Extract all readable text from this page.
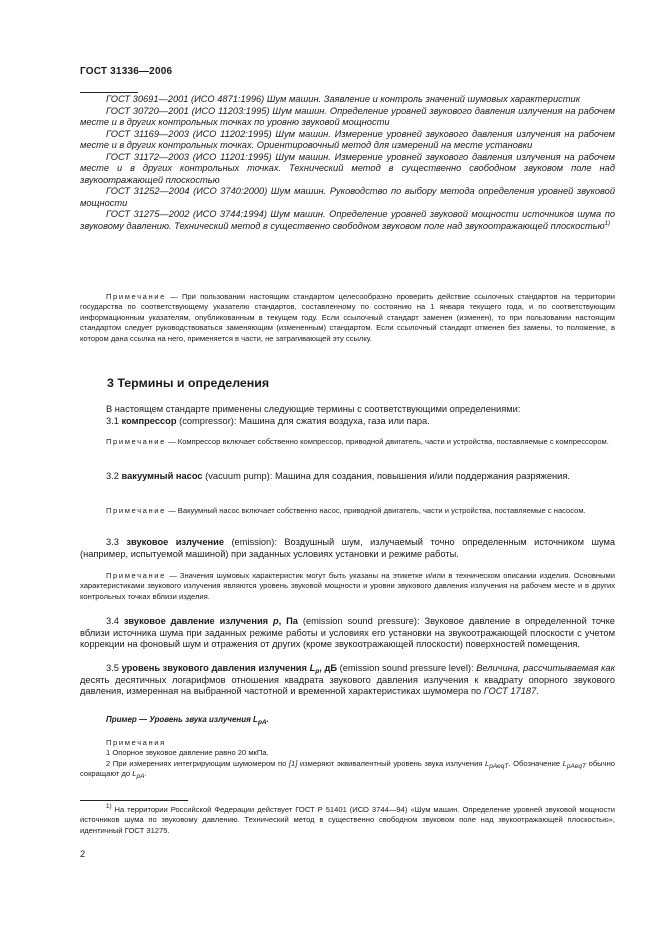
ГОСТ 31336—2006

ГОСТ 30691—2001 (ИСО 4871:1996) Шум машин. Заявление и контроль значений шумовых характеристик

ГОСТ 30720—2001 (ИСО 11203:1995) Шум машин. Определение уровней звукового давления излучения на рабочем месте и в других контрольных точках по уровню звуковой мощности

ГОСТ 31169—2003 (ИСО 11202:1995) Шум машин. Измерение уровней звукового давления излучения на рабочем месте и в других контрольных точках. Ориентировочный метод для измерений на месте установки

ГОСТ 31172—2003 (ИСО 11201:1995) Шум машин. Измерение уровней звукового давления излучения на рабочем месте и в других контрольных точках. Технический метод в существенно свободном звуковом поле над звукоотражающей плоскостью

ГОСТ 31252—2004 (ИСО 3740:2000) Шум машин. Руководство по выбору метода определения уровней звуковой мощности

ГОСТ 31275—2002 (ИСО 3744:1994) Шум машин. Определение уровней звуковой мощности источников шума по звуковому давлению. Технический метод в существенно свободном звуковом поле над звукоотражающей плоскостью$^{1)}$

Примечание — При пользовании настоящим стандартом целесообразно проверить действие ссылочных стандартов на территории государства по соответствующему указателю стандартов, составленному по состоянию на 1 января текущего года, и по соответствующим информационным указателям, опубликованным в текущем году. Если ссылочный стандарт заменен (изменен), то при пользовании настоящим стандартом следует руководствоваться заменяющим (измененным) стандартом. Если ссылочный стандарт отменен без замены, то положение, в котором дана ссылка на него, применяется в части, не затрагивающей эту ссылку.

3 Термины и определения

В настоящем стандарте применены следующие термины с соответствующими определениями:

3.1 компрессор (compressor): Машина для сжатия воздуха, газа или пара.

Примечание — Компрессор включает собственно компрессор, приводной двигатель, части и устройства, поставляемые с компрессором.

3.2 вакуумный насос (vacuum pump): Машина для создания, повышения и/или поддержания разряжения.

Примечание — Вакуумный насос включает собственно насос, приводной двигатель, части и устройства, поставляемые с насосом.

3.3 звуковое излучение (emission): Воздушный шум, излучаемый точно определенным источником шума (например, испытуемой машиной) при заданных условиях установки и режиме работы.

Примечание — Значения шумовых характеристик могут быть указаны на этикетке и/или в техническом описании изделия. Основными характеристиками звукового излучения являются уровень звуковой мощности и уровни звукового давления излучения на рабочем месте и в других контрольных точках вблизи изделия.

3.4 звуковое давление излучения p, Па (emission sound pressure): Звуковое давление в определенной точке вблизи источника шума при заданных режиме работы и условиях его установки на звукоотражающей плоскости с учетом коррекции на фоновый шум и отражения от других (кроме звукоотражающей плоскости) поверхностей помещения.

3.5 уровень звукового давления излучения $L_p$, дБ (emission sound pressure level): Величина, рассчитываемая как десять десятичных логарифмов отношения квадрата звукового давления излучения к квадрату опорного звукового давления, измеренная на выбранной частотной и временной характеристиках шумомера по ГОСТ 17187.

Пример — Уровень звука излучения $L_{pA}$.

Примечания

1 Опорное звуковое давление равно 20 мкПа.

2 При измерениях интегрирующим шумомером по [1] измеряют эквивалентный уровень звука излучения $L_{pAeqT}$. Обозначение $L_{pAeqT}$ обычно сокращают до $L_{pA}$.

$^{1)}$ На территории Российской Федерации действует ГОСТ Р 51401 (ИСО 3744—94) «Шум машин. Определение уровней звуковой мощности источников шума по звуковому давлению. Технический метод в существенно свободном звуковом поле над звукоотражающей плоскостью», идентичный ГОСТ 31275.

2
